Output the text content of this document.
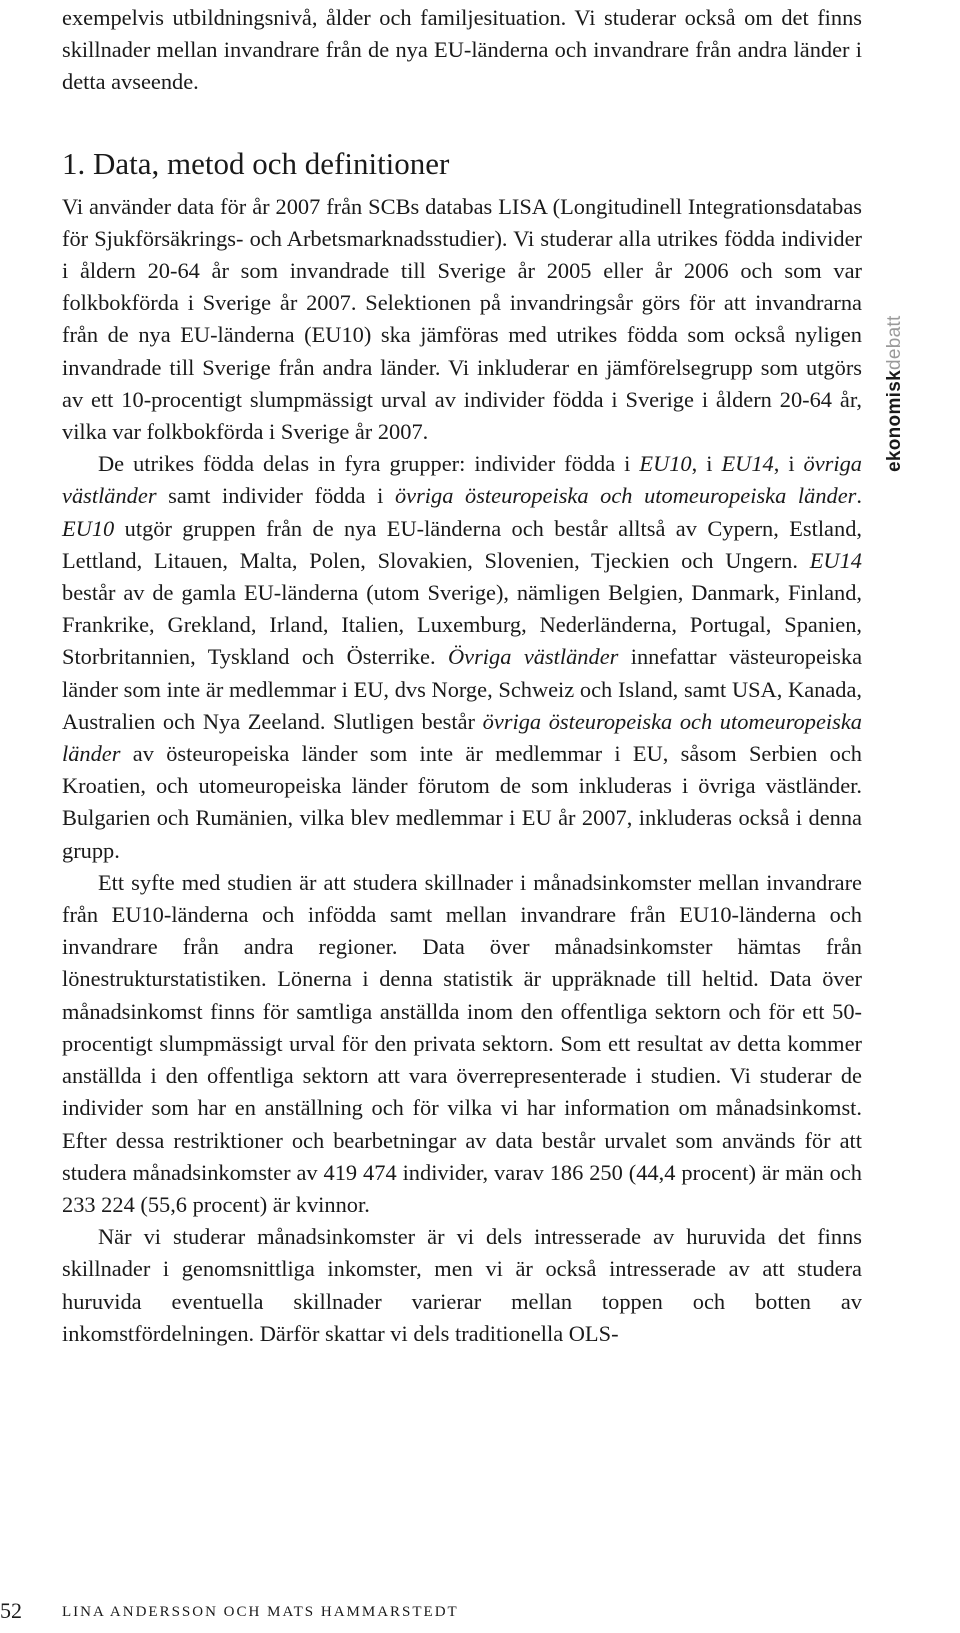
exempelvis utbildningsnivå, ålder och familjesituation. Vi studerar också om det finns skillnader mellan invandrare från de nya EU-länderna och invandrare från andra länder i detta avseende.

1. Data, metod och definitioner

Vi använder data för år 2007 från SCBs databas LISA (Longitudinell Integrationsdatabas för Sjukförsäkrings- och Arbetsmarknadsstudier). Vi studerar alla utrikes födda individer i åldern 20-64 år som invandrade till Sverige år 2005 eller år 2006 och som var folkbokförda i Sverige år 2007. Selektionen på invandringsår görs för att invandrarna från de nya EU-länderna (EU10) ska jämföras med utrikes födda som också nyligen invandrade till Sverige från andra länder. Vi inkluderar en jämförelsegrupp som utgörs av ett 10-procentigt slumpmässigt urval av individer födda i Sverige i åldern 20-64 år, vilka var folkbokförda i Sverige år 2007.

De utrikes födda delas in fyra grupper: individer födda i EU10, i EU14, i övriga västländer samt individer födda i övriga östeuropeiska och utomeuropeiska länder. EU10 utgör gruppen från de nya EU-länderna och består alltså av Cypern, Estland, Lettland, Litauen, Malta, Polen, Slovakien, Slovenien, Tjeckien och Ungern. EU14 består av de gamla EU-länderna (utom Sverige), nämligen Belgien, Danmark, Finland, Frankrike, Grekland, Irland, Italien, Luxemburg, Nederländerna, Portugal, Spanien, Storbritannien, Tyskland och Österrike. Övriga västländer innefattar västeuropeiska länder som inte är medlemmar i EU, dvs Norge, Schweiz och Island, samt USA, Kanada, Australien och Nya Zeeland. Slutligen består övriga östeuropeiska och utomeuropeiska länder av östeuropeiska länder som inte är medlemmar i EU, såsom Serbien och Kroatien, och utomeuropeiska länder förutom de som inkluderas i övriga västländer. Bulgarien och Rumänien, vilka blev medlemmar i EU år 2007, inkluderas också i denna grupp.

Ett syfte med studien är att studera skillnader i månadsinkomster mellan invandrare från EU10-länderna och infödda samt mellan invandrare från EU10-länderna och invandrare från andra regioner. Data över månadsinkomster hämtas från lönestrukturstatistiken. Lönerna i denna statistik är uppräknade till heltid. Data över månadsinkomst finns för samtliga anställda inom den offentliga sektorn och för ett 50-procentigt slumpmässigt urval för den privata sektorn. Som ett resultat av detta kommer anställda i den offentliga sektorn att vara överrepresenterade i studien. Vi studerar de individer som har en anställning och för vilka vi har information om månadsinkomst. Efter dessa restriktioner och bearbetningar av data består urvalet som används för att studera månadsinkomster av 419 474 individer, varav 186 250 (44,4 procent) är män och 233 224 (55,6 procent) är kvinnor.

När vi studerar månadsinkomster är vi dels intresserade av huruvida det finns skillnader i genomsnittliga inkomster, men vi är också intresserade av att studera huruvida eventuella skillnader varierar mellan toppen och botten av inkomstfördelningen. Därför skattar vi dels traditionella OLS-

ekonomiskdebatt
52	LINA ANDERSSON OCH MATS HAMMARSTEDT
